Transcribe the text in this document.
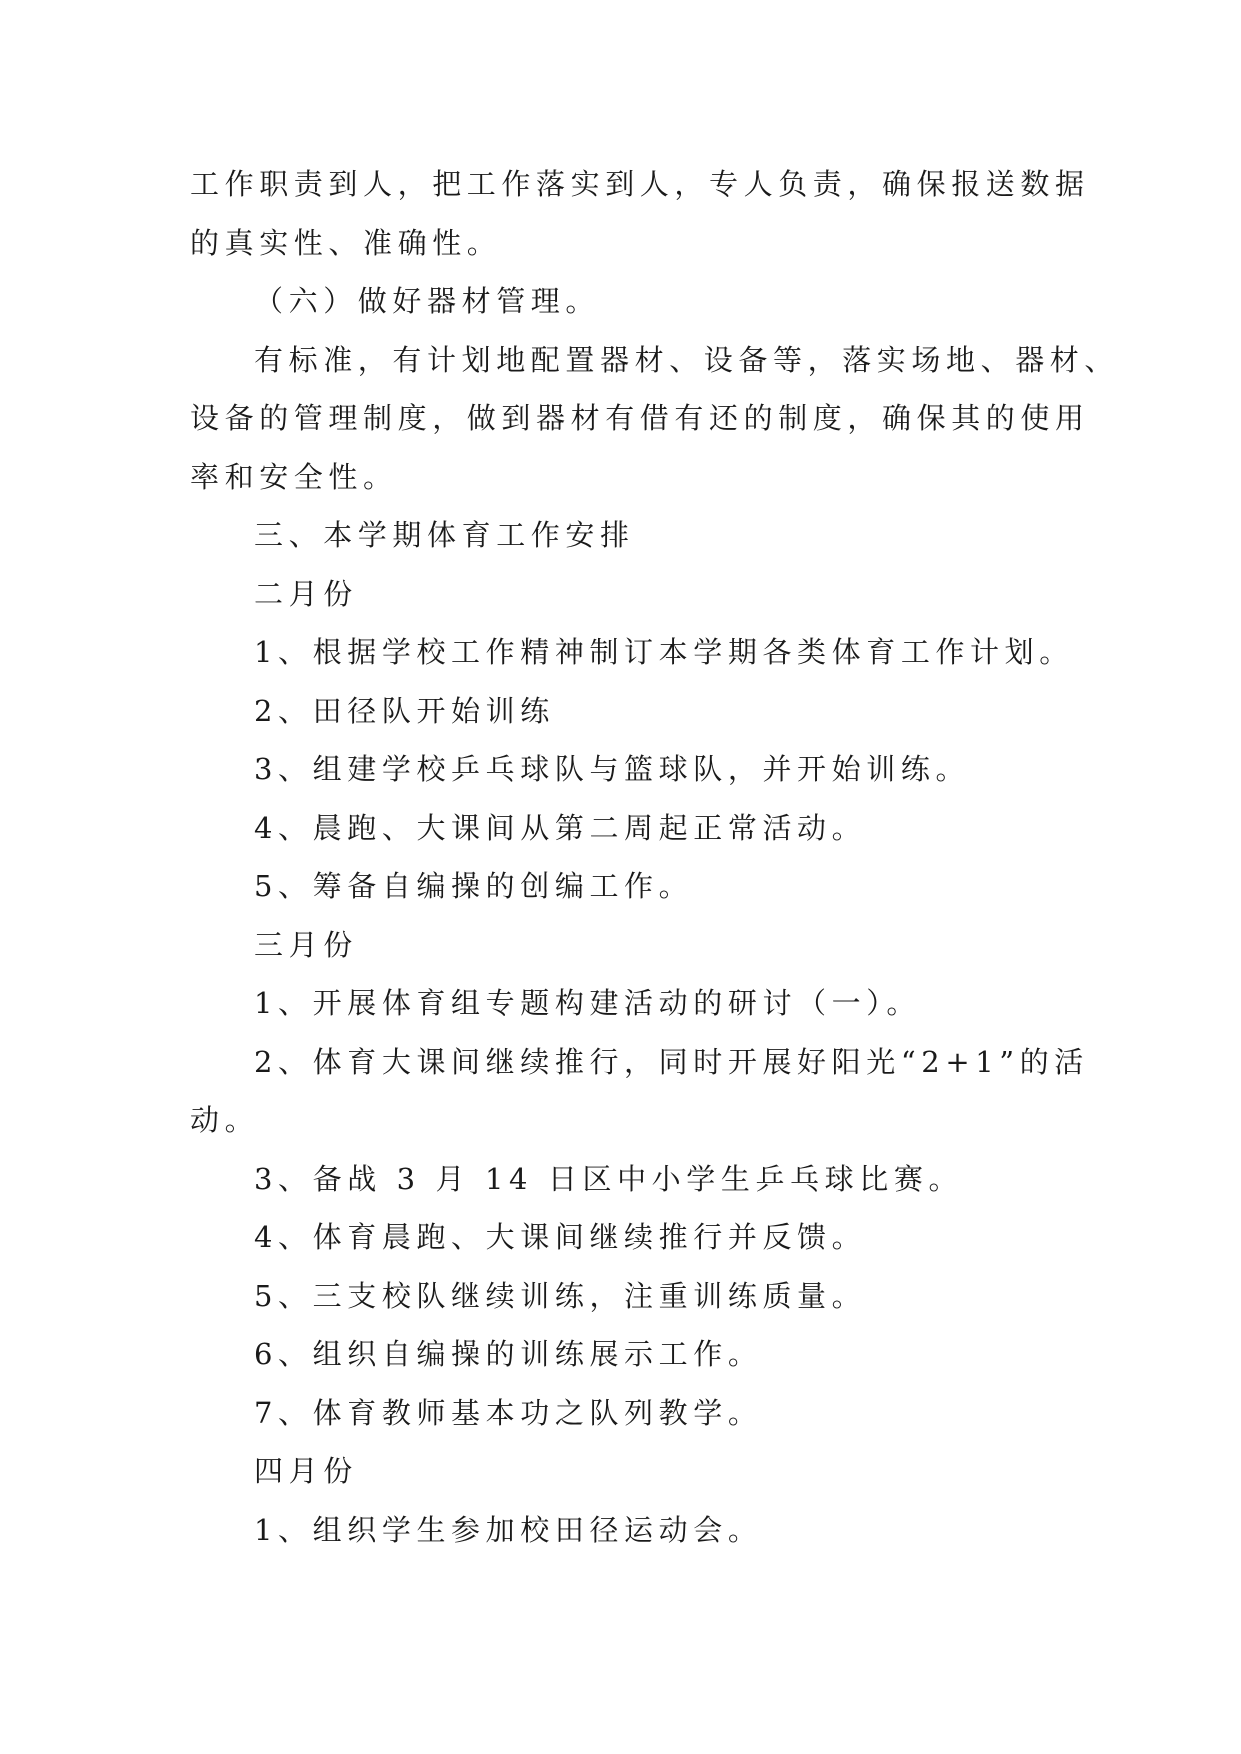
工作职责到人，把工作落实到人，专人负责，确保报送数据
的真实性、准确性。
（六）做好器材管理。
有标准，有计划地配置器材、设备等，落实场地、器材、
设备的管理制度，做到器材有借有还的制度，确保其的使用
率和安全性。
三、本学期体育工作安排
二月份
1、根据学校工作精神制订本学期各类体育工作计划。
2、田径队开始训练
3、组建学校乒乓球队与篮球队，并开始训练。
4、晨跑、大课间从第二周起正常活动。
5、筹备自编操的创编工作。
三月份
1、开展体育组专题构建活动的研讨（一）。
2、体育大课间继续推行，同时开展好阳光“2+1”的活
动。
3、备战 3 月 14 日区中小学生乒乓球比赛。
4、体育晨跑、大课间继续推行并反馈。
5、三支校队继续训练，注重训练质量。
6、组织自编操的训练展示工作。
7、体育教师基本功之队列教学。
四月份
1、组织学生参加校田径运动会。
